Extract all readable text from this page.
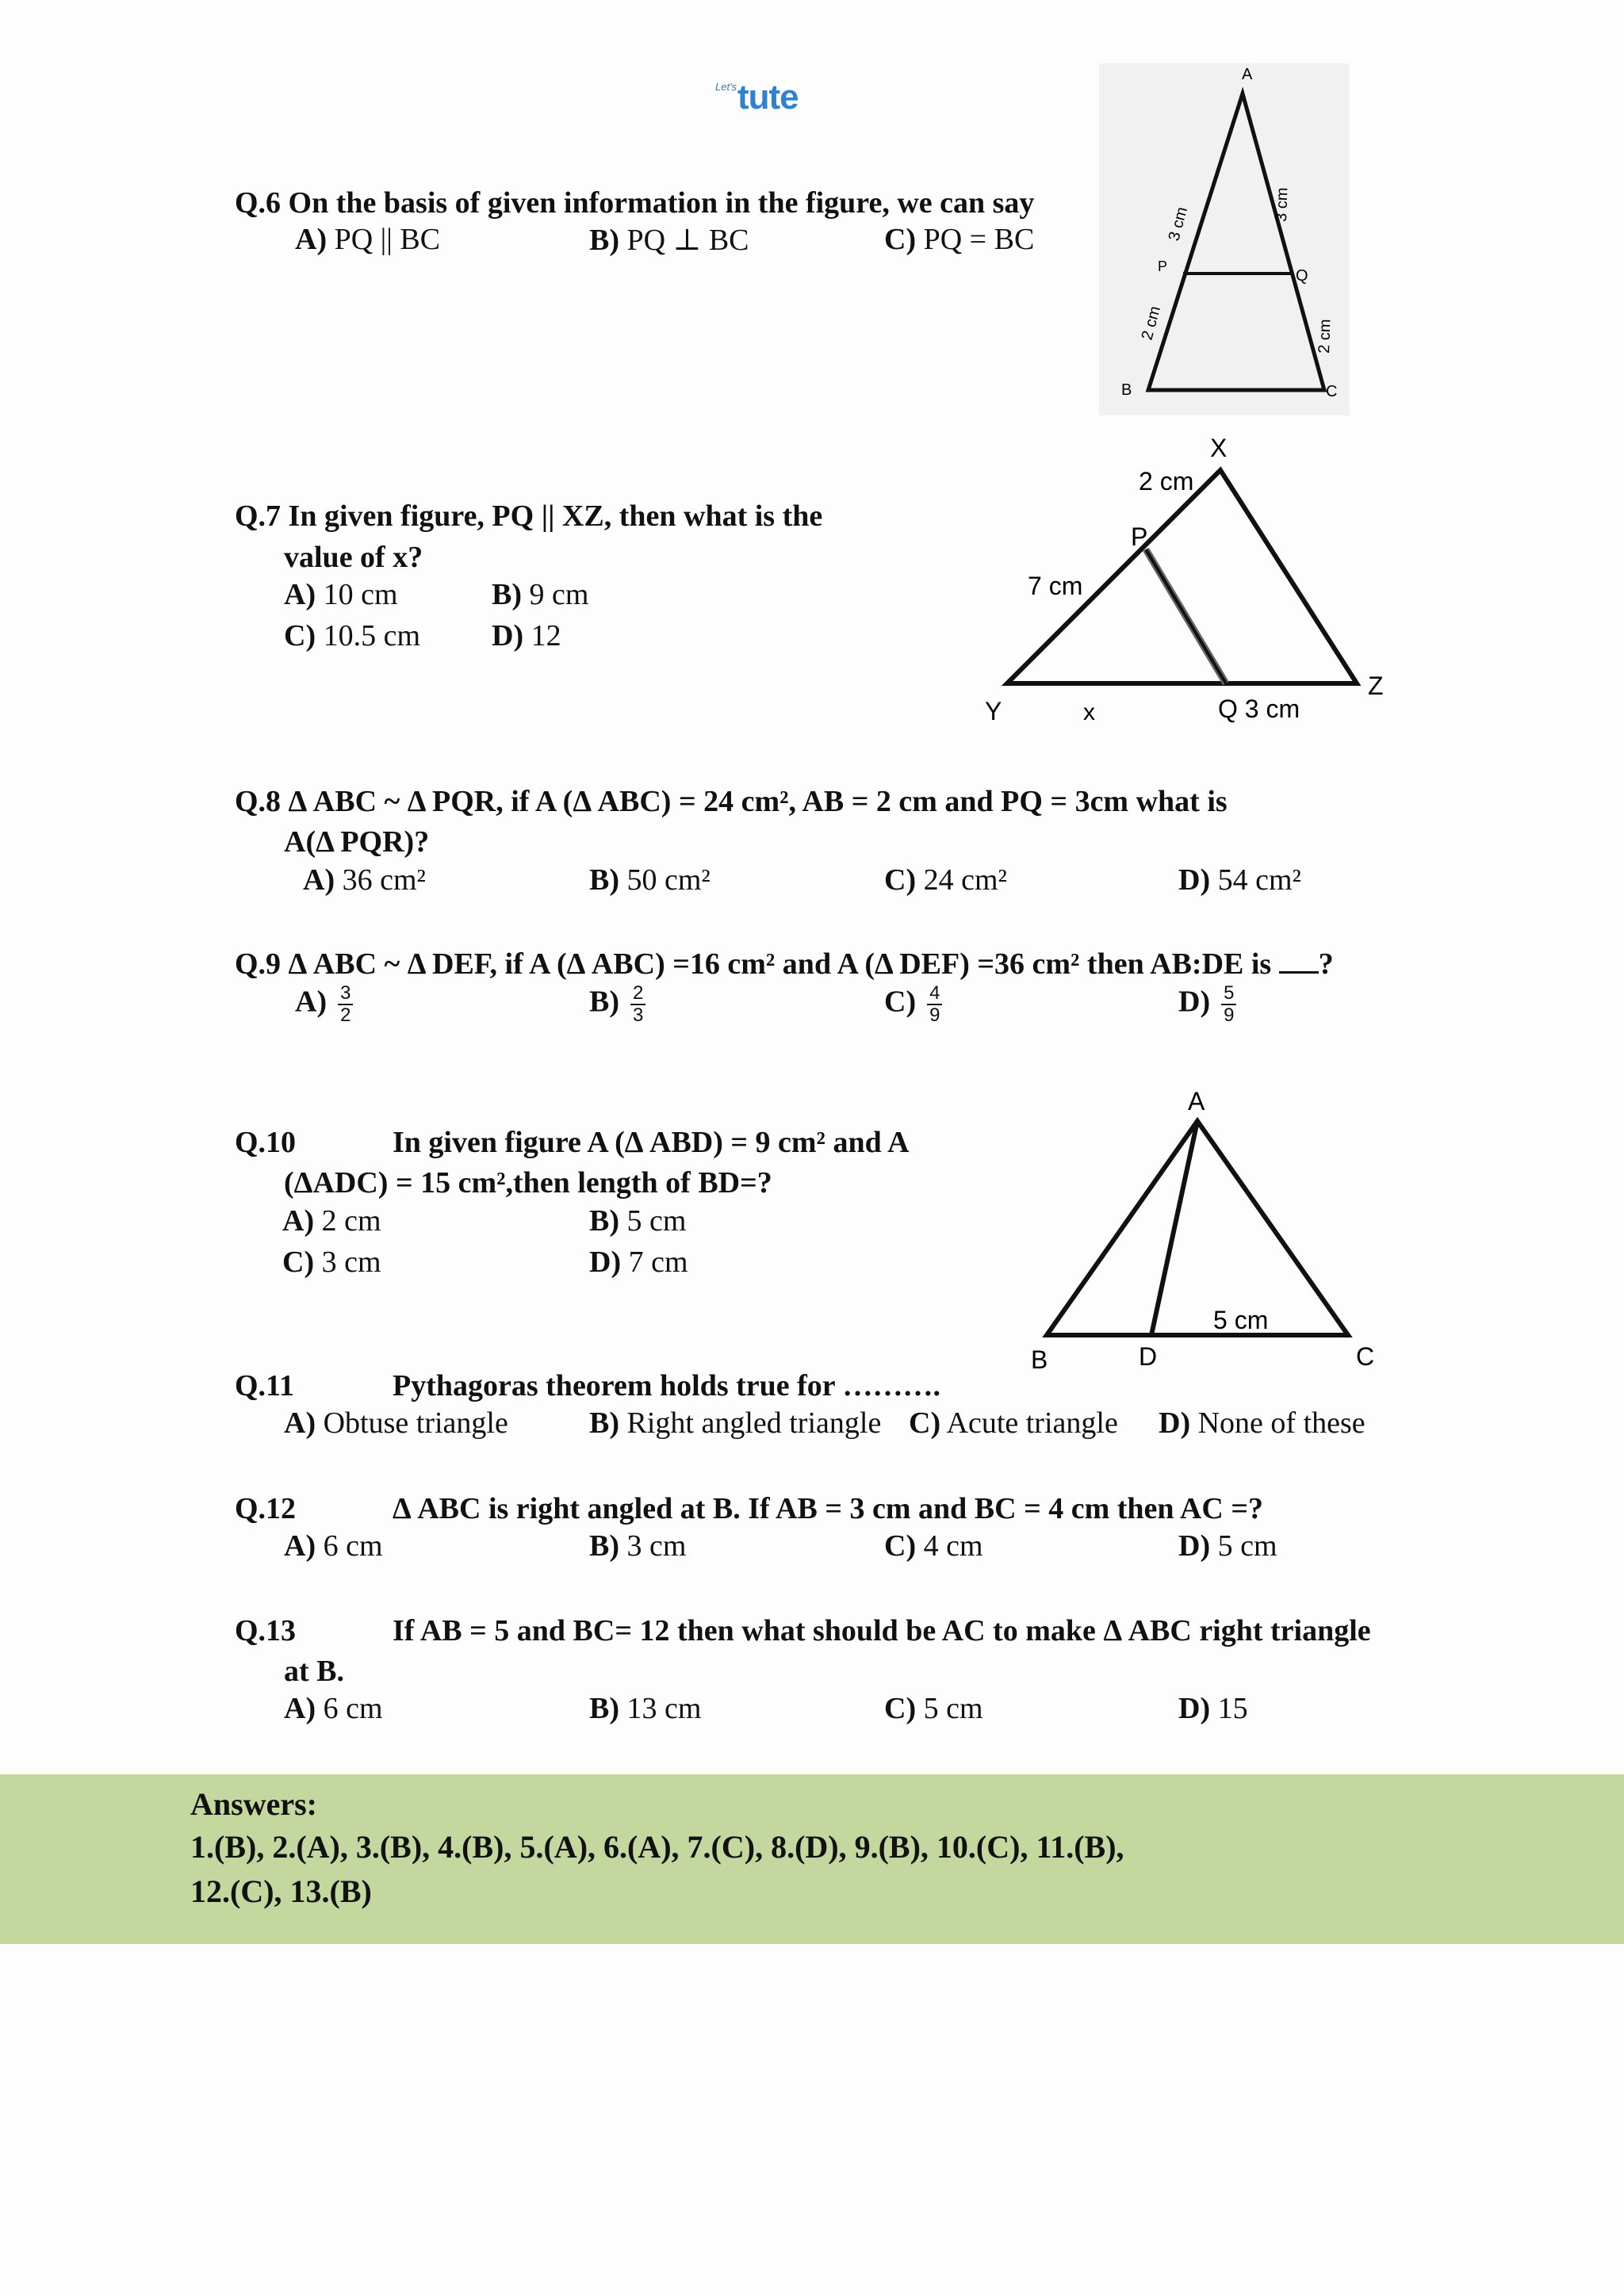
Let's tute
Q.6 On the basis of given information in the figure, we can say
A) PQ || BC	B) PQ ⊥ BC	C) PQ = BC
A
B	C
P
Q
3 cm
3 cm
2 cm	2 cm
Q.7 In given figure, PQ || XZ, then what is the
value of x?
A) 10 cm	B) 9 cm
C) 10.5 cm D) 12
X
Y
Z
P
Q 3 cm
2 cm
7 cm
x
Q.8 Δ ABC ~ Δ PQR, if A (Δ ABC) = 24 cm², AB = 2 cm and PQ = 3cm what is
A(Δ PQR)?
A) 36 cm²	B) 50 cm²	C) 24 cm²	D) 54 cm²
Q.9 Δ ABC ~ Δ DEF, if A (Δ ABC) =16 cm² and A (Δ DEF) =36 cm² then AB:DE is ?
$A) \frac{3}{2}$	$B) \frac{2}{3}$	$C) \frac{4}{9}$	$D) \frac{5}{9}$
Q.10	In given figure A (Δ ABD) = 9 cm² and A
(ΔADC) = 15 cm²,then length of BD=?
A) 2 cm	B) 5 cm
C) 3 cm	D) 7 cm
A
B	C
D
5 cm
Q.11	Pythagoras theorem holds true for ……….
A) Obtuse triangle	B) Right angled triangle C) Acute triangle D) None of these
Q.12	Δ ABC is right angled at B. If AB = 3 cm and BC = 4 cm then AC =?
A) 6 cm	B) 3 cm	C) 4 cm	D) 5 cm
Q.13	If AB = 5 and BC= 12 then what should be AC to make Δ ABC right triangle
at B.
A) 6 cm	B) 13 cm	C) 5 cm	D) 15
Answers:
1.(B), 2.(A), 3.(B), 4.(B), 5.(A), 6.(A), 7.(C), 8.(D), 9.(B), 10.(C), 11.(B),
12.(C), 13.(B)
